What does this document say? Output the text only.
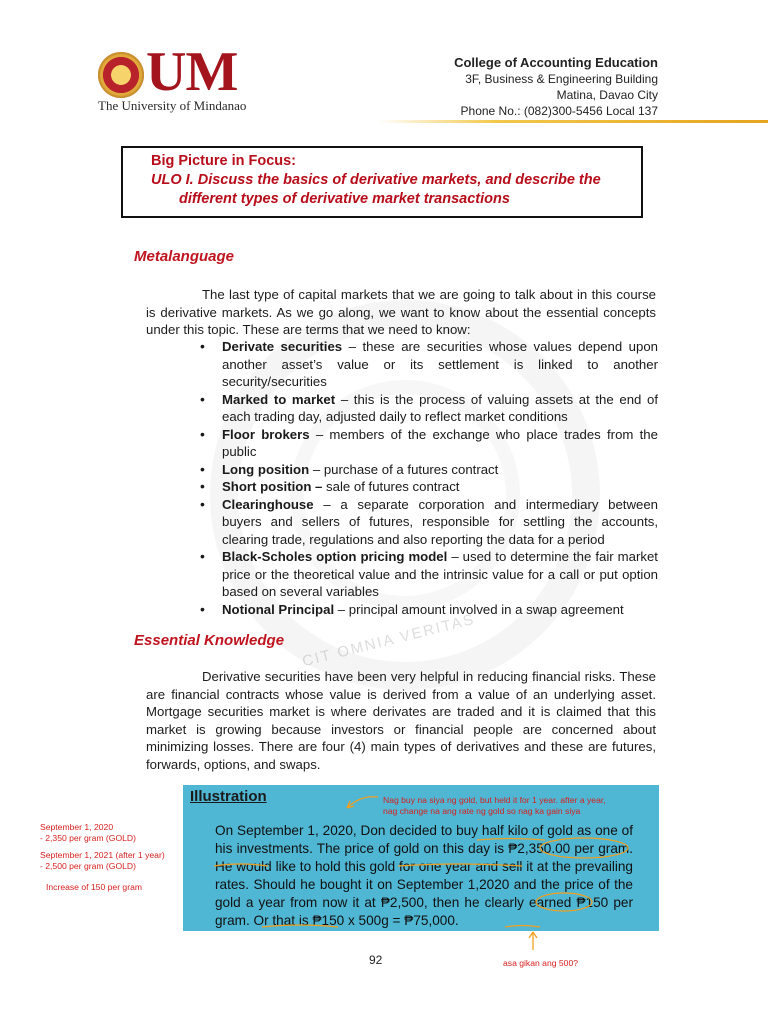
CIT OMNIA VERITAS
UM
The University of Mindanao
College of Accounting Education
3F, Business & Engineering Building
Matina, Davao City
Phone No.: (082)300-5456 Local 137
Big Picture in Focus:
ULO I. Discuss the basics of derivative markets, and describe the
different types of derivative market transactions
Metalanguage
The last type of capital markets that we are going to talk about in this course is derivative markets. As we go along, we want to know about the essential concepts under this topic. These are terms that we need to know:
• Derivate securities – these are securities whose values depend upon another asset’s value or its settlement is linked to another security/securities
• Marked to market – this is the process of valuing assets at the end of each trading day, adjusted daily to reflect market conditions
• Floor brokers – members of the exchange who place trades from the public
• Long position – purchase of a futures contract
• Short position – sale of futures contract
• Clearinghouse – a separate corporation and intermediary between buyers and sellers of futures, responsible for settling the accounts, clearing trade, regulations and also reporting the data for a period
• Black-Scholes option pricing model – used to determine the fair market price or the theoretical value and the intrinsic value for a call or put option based on several variables
• Notional Principal – principal amount involved in a swap agreement
Essential Knowledge
Derivative securities have been very helpful in reducing financial risks. These are financial contracts whose value is derived from a value of an underlying asset. Mortgage securities market is where derivates are traded and it is claimed that this market is growing because investors or financial people are concerned about minimizing losses. There are four (4) main types of derivatives and these are futures, forwards, options, and swaps.
Illustration
On September 1, 2020, Don decided to buy half kilo of gold as one of his investments. The price of gold on this day is ₱2,350.00 per gram. He would like to hold this gold for one year and sell it at the prevailing rates. Should he bought it on September 1,2020 and the price of the gold a year from now it at ₱2,500, then he clearly earned ₱150 per gram. Or that is ₱150 x 500g = ₱75,000.
Nag buy na siya ng gold, but held it for 1 year. after a year, nag change na ang rate ng gold so nag ka gain siya
September 1, 2020
- 2,350 per gram (GOLD)
September 1, 2021 (after 1 year)
- 2,500 per gram (GOLD)
Increase of 150 per gram
asa gikan ang 500?
92
